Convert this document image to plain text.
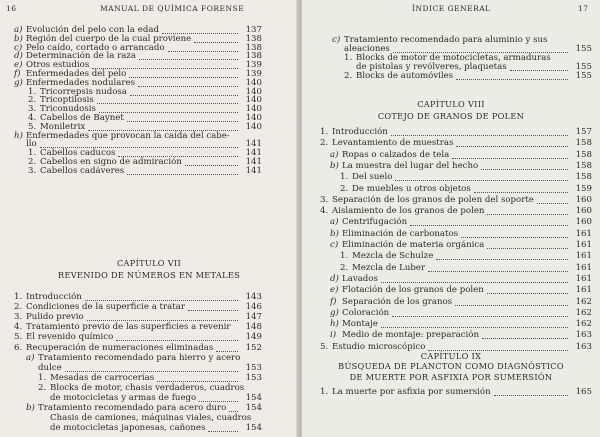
16	MANUAL DE QUÍMICA FORENSE
CAPÍTULO VII
REVENIDO DE NÚMEROS EN METALES
a) Evolución del pelo con la edad	137
b) Región del cuerpo de la cual proviene	138
c) Pelo caído, cortado o arrancado	138
d) Determinación de la raza	138
e) Otros estudios	139
f) Enfermedades del pelo	139
g) Enfermedades nodulares	140
1. Tricorrepsis nudosa	140
2. Tricoptilosis	140
3. Triconudosis	140
4. Cabellos de Baynet	140
5. Moniletrix	140
h) Enfermedades que provocan la caída del cabe-
llo	141
1. Cabellos caducos	141
2. Cabellos en signo de admiración	141
3. Cabellos cadáveres	141
1. Introducción	143
2. Condiciones de la superficie a tratar	146
3. Pulido previo	147
4. Tratamiento previo de las superficies a revenir	148
5. El revenido químico	149
6. Recuperación de numeraciones eliminadas	152
a) Tratamiento recomendado para hierro y acero
dulce	153
1. Mesadas de carrocerías	153
2. Blocks de motor, chasis verdaderos, cuadros
de motocicletas y armas de fuego	154
b) Tratamiento recomendado para acero duro	154
Chasis de camiones, máquinas viales, cuadros
de motocicletas japonesas, cañones	154
ÍNDICE GENERAL	17
CAPÍTULO VIII
COTEJO DE GRANOS DE POLEN
CAPÍTULO IX
BÚSQUEDA DE PLANCTON COMO DIAGNÓSTICO
DE MUERTE POR ASFIXIA POR SUMERSIÓN
c) Tratamiento recomendado para aluminio y sus
aleaciones	155
1. Blocks de motor de motocicletas, armaduras
de pistolas y revólveres, plaquetas	155
2. Blocks de automóviles	155
1. Introducción	157
2. Levantamiento de muestras	158
a) Ropas o calzados de tela	158
b) La muestra del lugar del hecho	158
1. Del suelo	158
2. De muebles u otros objetos	159
3. Separación de los granos de polen del soporte	160
4. Aislamiento de los granos de polen	160
a) Centrifugación	160
b) Eliminación de carbonatos	161
c) Eliminación de materia orgánica	161
1. Mezcla de Schulze	161
2. Mezcla de Luber	161
d) Lavados	161
e) Flotación de los granos de polen	161
f) Separación de los granos	162
g) Coloración	162
h) Montaje	162
i) Medio de montaje: preparación	163
5. Estudio microscópico	163
1. La muerte por asfixia por sumersión	165
